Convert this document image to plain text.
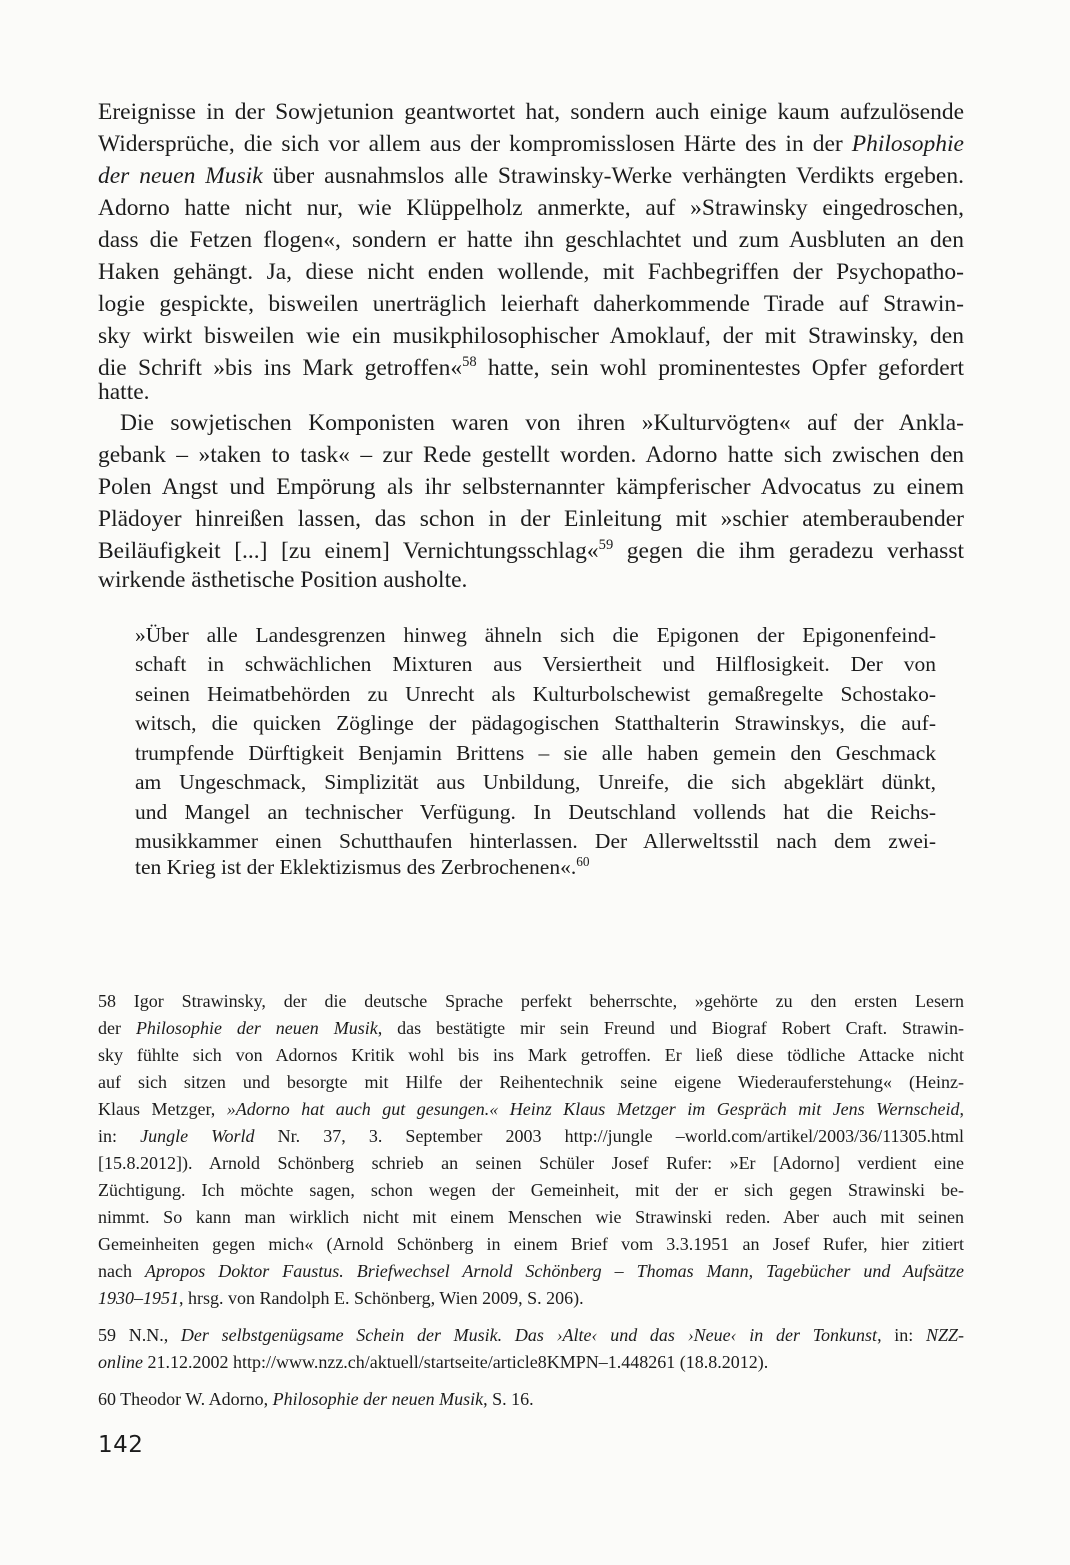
Ereignisse in der Sowjetunion geantwortet hat, sondern auch einige kaum aufzulösende
Widersprüche, die sich vor allem aus der kompromisslosen Härte des in der Philosophie
der neuen Musik über ausnahmslos alle Strawinsky-Werke verhängten Verdikts ergeben.
Adorno hatte nicht nur, wie Klüppelholz anmerkte, auf »Strawinsky eingedroschen,
dass die Fetzen flogen«, sondern er hatte ihn geschlachtet und zum Ausbluten an den
Haken gehängt. Ja, diese nicht enden wollende, mit Fachbegriffen der Psychopatho-
logie gespickte, bisweilen unerträglich leierhaft daherkommende Tirade auf Strawin-
sky wirkt bisweilen wie ein musikphilosophischer Amoklauf, der mit Strawinsky, den
die Schrift »bis ins Mark getroffen«$^{58}$ hatte, sein wohl prominentestes Opfer gefordert
hatte.
Die sowjetischen Komponisten waren von ihren »Kulturvögten« auf der Ankla-
gebank – »taken to task« – zur Rede gestellt worden. Adorno hatte sich zwischen den
Polen Angst und Empörung als ihr selbsternannter kämpferischer Advocatus zu einem
Plädoyer hinreißen lassen, das schon in der Einleitung mit »schier atemberaubender
Beiläufigkeit [...] [zu einem] Vernichtungsschlag«$^{59}$ gegen die ihm geradezu verhasst
wirkende ästhetische Position ausholte.
»Über alle Landesgrenzen hinweg ähneln sich die Epigonen der Epigonenfeind-
schaft in schwächlichen Mixturen aus Versiertheit und Hilflosigkeit. Der von
seinen Heimatbehörden zu Unrecht als Kulturbolschewist gemaßregelte Schostako-
witsch, die quicken Zöglinge der pädagogischen Statthalterin Strawinskys, die auf-
trumpfende Dürftigkeit Benjamin Brittens – sie alle haben gemein den Geschmack
am Ungeschmack, Simplizität aus Unbildung, Unreife, die sich abgeklärt dünkt,
und Mangel an technischer Verfügung. In Deutschland vollends hat die Reichs-
musikkammer einen Schutthaufen hinterlassen. Der Allerweltsstil nach dem zwei-
ten Krieg ist der Eklektizismus des Zerbrochenen«.$^{60}$
58 Igor Strawinsky, der die deutsche Sprache perfekt beherrschte, »gehörte zu den ersten Lesern
der Philosophie der neuen Musik, das bestätigte mir sein Freund und Biograf Robert Craft. Strawin-
sky fühlte sich von Adornos Kritik wohl bis ins Mark getroffen. Er ließ diese tödliche Attacke nicht
auf sich sitzen und besorgte mit Hilfe der Reihentechnik seine eigene Wiederauferstehung« (Heinz-
Klaus Metzger, »Adorno hat auch gut gesungen.« Heinz Klaus Metzger im Gespräch mit Jens Wernscheid,
in: Jungle World Nr. 37, 3. September 2003 http://jungle –world.com/artikel/2003/36/11305.html
[15.8.2012]). Arnold Schönberg schrieb an seinen Schüler Josef Rufer: »Er [Adorno] verdient eine
Züchtigung. Ich möchte sagen, schon wegen der Gemeinheit, mit der er sich gegen Strawinski be-
nimmt. So kann man wirklich nicht mit einem Menschen wie Strawinski reden. Aber auch mit seinen
Gemeinheiten gegen mich« (Arnold Schönberg in einem Brief vom 3.3.1951 an Josef Rufer, hier zitiert
nach Apropos Doktor Faustus. Briefwechsel Arnold Schönberg – Thomas Mann, Tagebücher und Aufsätze
1930–1951, hrsg. von Randolph E. Schönberg, Wien 2009, S. 206).
59 N.N., Der selbstgenügsame Schein der Musik. Das ›Alte‹ und das ›Neue‹ in der Tonkunst, in: NZZ-
online 21.12.2002 http://www.nzz.ch/aktuell/startseite/article8KMPN–1.448261 (18.8.2012).
60 Theodor W. Adorno, Philosophie der neuen Musik, S. 16.
142
